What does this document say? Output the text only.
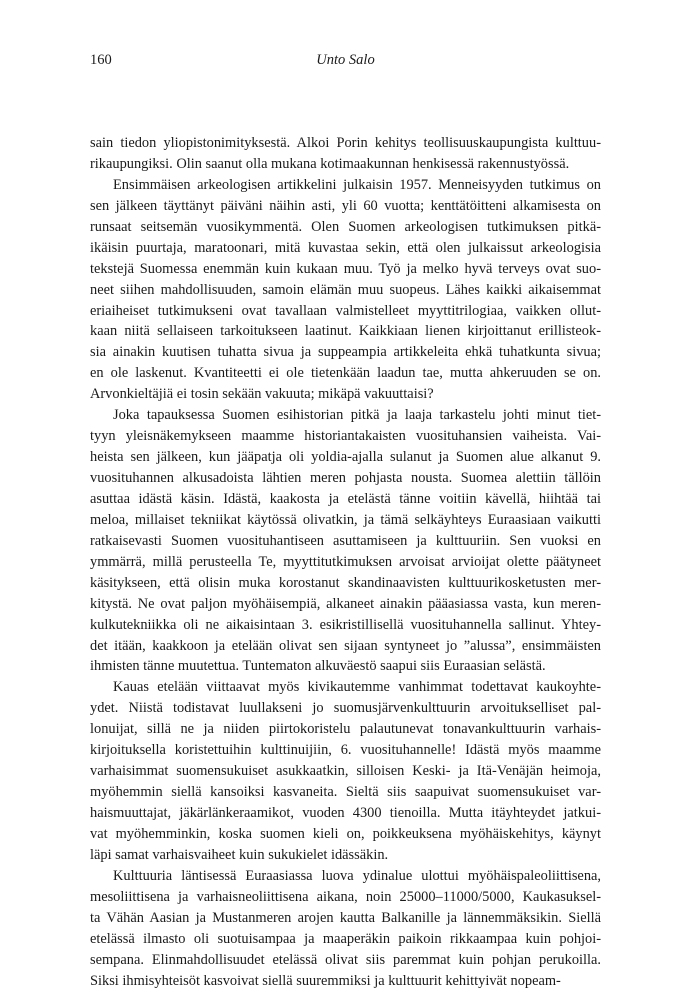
160	Unto Salo
sain tiedon yliopistonimityksestä. Alkoi Porin kehitys teollisuuskaupungista kulttuu-
rikaupungiksi. Olin saanut olla mukana kotimaakunnan henkisessä rakennustyössä.
Ensimmäisen arkeologisen artikkelini julkaisin 1957. Menneisyyden tutkimus on
sen jälkeen täyttänyt päiväni näihin asti, yli 60 vuotta; kenttätöitteni alkamisesta on
runsaat seitsemän vuosikymmentä. Olen Suomen arkeologisen tutkimuksen pitkä-
ikäisin puurtaja, maratoonari, mitä kuvastaa sekin, että olen julkaissut arkeologisia
tekstejä Suomessa enemmän kuin kukaan muu. Työ ja melko hyvä terveys ovat suo-
neet siihen mahdollisuuden, samoin elämän muu suopeus. Lähes kaikki aikaisemmat
eriaiheiset tutkimukseni ovat tavallaan valmistelleet myyttitrilogiaa, vaikken ollut-
kaan niitä sellaiseen tarkoitukseen laatinut. Kaikkiaan lienen kirjoittanut erillisteok-
sia ainakin kuutisen tuhatta sivua ja suppeampia artikkeleita ehkä tuhatkunta sivua;
en ole laskenut. Kvantiteetti ei ole tietenkään laadun tae, mutta ahkeruuden se on.
Arvonkieltäjiä ei tosin sekään vakuuta; mikäpä vakuuttaisi?
Joka tapauksessa Suomen esihistorian pitkä ja laaja tarkastelu johti minut tiet-
tyyn yleisnäkemykseen maamme historiantakaisten vuosituhansien vaiheista. Vai-
heista sen jälkeen, kun jääpatja oli yoldia-ajalla sulanut ja Suomen alue alkanut 9.
vuosituhannen alkusadoista lähtien meren pohjasta nousta. Suomea alettiin tällöin
asuttaa idästä käsin. Idästä, kaakosta ja etelästä tänne voitiin kävellä, hiihtää tai
meloa, millaiset tekniikat käytössä olivatkin, ja tämä selkäyhteys Euraasiaan vaikutti
ratkaisevasti Suomen vuosituhantiseen asuttamiseen ja kulttuuriin. Sen vuoksi en
ymmärrä, millä perusteella Te, myyttitutkimuksen arvoisat arvioijat olette päätyneet
käsitykseen, että olisin muka korostanut skandinaavisten kulttuurikosketusten mer-
kitystä. Ne ovat paljon myöhäisempiä, alkaneet ainakin pääasiassa vasta, kun meren-
kulkutekniikka oli ne aikaisintaan 3. esikristillisellä vuosituhannella sallinut. Yhtey-
det itään, kaakkoon ja etelään olivat sen sijaan syntyneet jo ”alussa”, ensimmäisten
ihmisten tänne muutettua. Tuntematon alkuväestö saapui siis Euraasian selästä.
Kauas etelään viittaavat myös kivikautemme vanhimmat todettavat kaukoyhte-
ydet. Niistä todistavat luullakseni jo suomusjärvenkulttuurin arvoitukselliset pal-
lonuijat, sillä ne ja niiden piirtokoristelu palautunevat tonavankulttuurin varhais-
kirjoituksella koristettuihin kulttinuijiin, 6. vuosituhannelle! Idästä myös maamme
varhaisimmat suomensukuiset asukkaatkin, silloisen Keski- ja Itä-Venäjän heimoja,
myöhemmin siellä kansoiksi kasvaneita. Sieltä siis saapuivat suomensukuiset var-
haismuuttajat, jäkärlänkeraamikot, vuoden 4300 tienoilla. Mutta itäyhteydet jatkui-
vat myöhemminkin, koska suomen kieli on, poikkeuksena myöhäiskehitys, käynyt
läpi samat varhaisvaiheet kuin sukukielet idässäkin.
Kulttuuria läntisessä Euraasiassa luova ydinalue ulottui myöhäispaleoliittisena,
mesoliittisena ja varhaisneoliittisena aikana, noin 25000–11000/5000, Kaukasuksel-
ta Vähän Aasian ja Mustanmeren arojen kautta Balkanille ja lännemmäksikin. Siellä
etelässä ilmasto oli suotuisampaa ja maaperäkin paikoin rikkaampaa kuin pohjoi-
sempana. Elinmahdollisuudet etelässä olivat siis paremmat kuin pohjan perukoilla.
Siksi ihmisyhteisöt kasvoivat siellä suuremmiksi ja kulttuurit kehittyivät nopeam-
